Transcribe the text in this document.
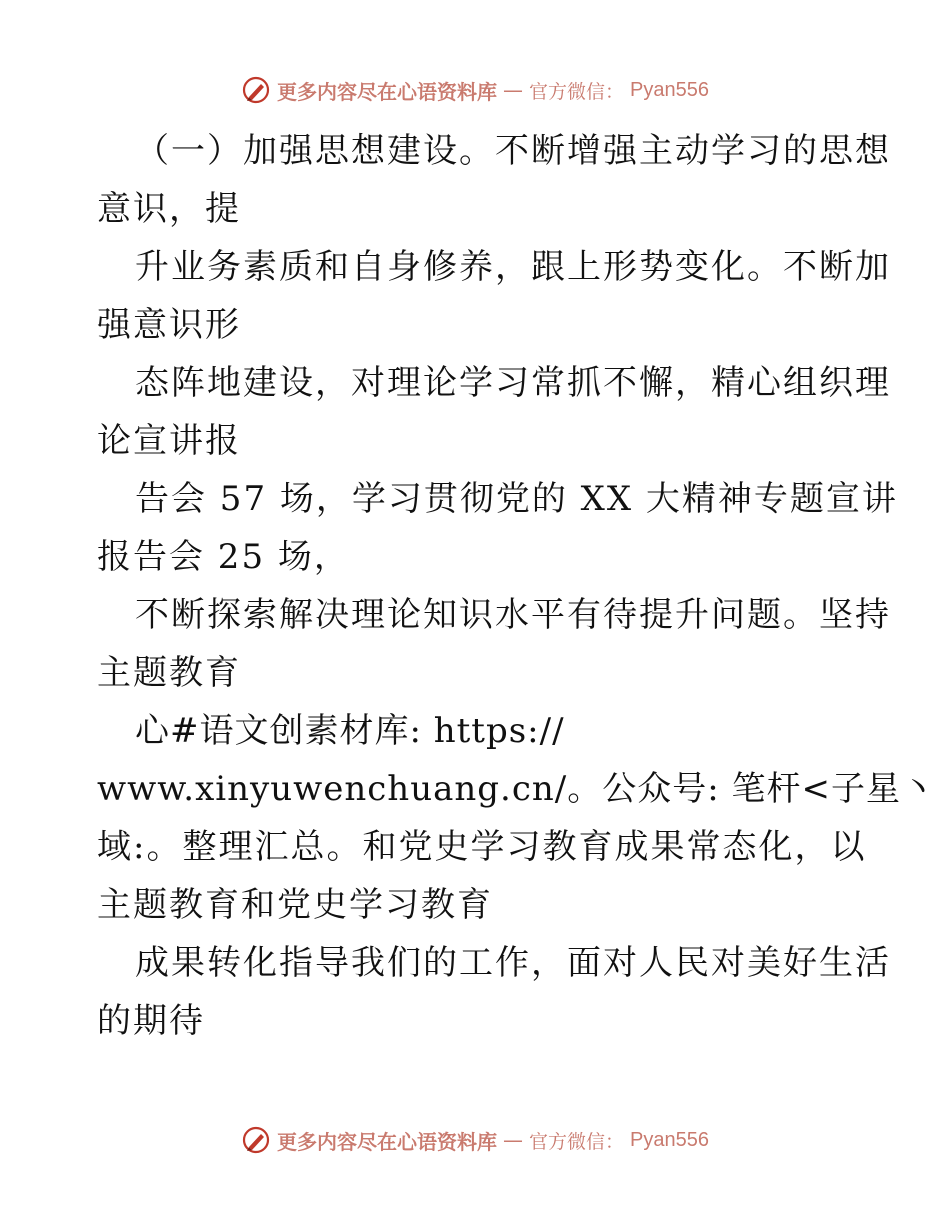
更多内容尽在心语资料库 — 官方微信： Pyan556
（一）加强思想建设。不断增强主动学习的思想
意识，提
升业务素质和自身修养，跟上形势变化。不断加
强意识形
态阵地建设，对理论学习常抓不懈，精心组织理
论宣讲报
告会 57 场，学习贯彻党的 XX 大精神专题宣讲
报告会 25 场，
不断探索解决理论知识水平有待提升问题。坚持
主题教育
心#语文创素材库: https://
www.xinyuwenchuang.cn/。公众号: 笔杆<子星丶
域:。整理汇总。和党史学习教育成果常态化，以
主题教育和党史学习教育
成果转化指导我们的工作，面对人民对美好生活
的期待
更多内容尽在心语资料库 — 官方微信： Pyan556
